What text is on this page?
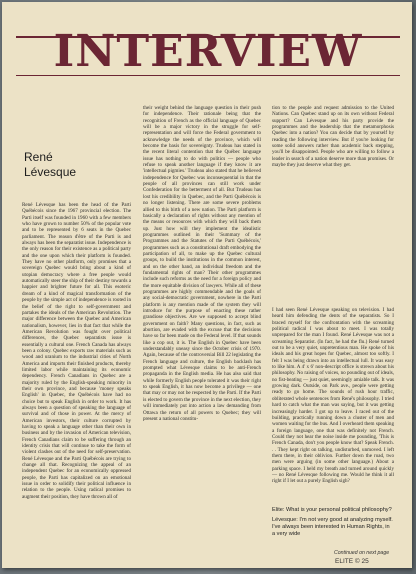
INTERVIEW
René
Lévesque

René Lévesque has been the head of the Parti Québécois since the 1967 provincial election. The Parti itself was founded in 1960 with a few members who have grown to number 50% of the popular vote and to be represented by 6 seats in the Quebec parliament. The reason d'être of the Parti is and always has been the separatist issue. Independence is the only reason for their existence as a political party and the one upon which their platform is founded. They have no other platform, only promises that a sovereign Quebec would bring about a kind of utopian democracy where a free people would automatically steer the ship of their destiny towards a happier and brighter future for all. This esoteric dream of a kind of magical transformation of the people by the simple act of independence is rooted in the belief of the right to self-government and partakes the ideals of the American Revolution. The major difference between the Quebec and American nationalism, however, lies in that fact that while the American Revolution was fought over political differences, the Quebec separatists issue is essentially a cultural one. French Canada has always been a colony. Quebec exports raw materials such as wood and uranium to the industrial cities of North America and imports their finished products, thereby limited labor while maintaining its economic dependency. French Canadians in Quebec are a majority ruled by the English-speaking minority in their own province, and because 'money speaks English' in Quebec, the Québécois have had no choice but to speak English in order to work. It has always been a question of speaking the language of survival and of those in power. At the mercy of American investors, their culture corrupted by having to speak a language other than their own in business and by the invasion of American television, French Canadians claim to be suffering through an identity crisis that will continue to take the form of violent clashes out of the need for self-preservation. René Lévesque and the Parti Québécois are trying to change all that. Recognizing the appeal of an independent Quebec for an economically oppressed people, the Parti has capitalized on an emotional issue in order to solidify their political influence in relation to the people. Using radical promises to augment their position, they have thrown all of

their weight behind the language question in their push for independence. Their rationale being that the recognition of French as the official language of Quebec will be a major victory in the struggle for self-representation and will force the Federal government to acknowledge the needs of the province, which will become the basis for sovereignty. Trudeau has stated in the recent literal contention that the Québec language issue has nothing to do with politics — people who refuse to speak another language if they know it are 'intellectual pigmies.' Trudeau also stated that he believed independence for Quebec was inconsequential in that the people of all provinces can still work under Confederation for the betterment of all. But Trudeau has lost his credibility in Quebec, and the Parti Québécois is no longer listening. There are some severe problems allied to this birth of a new nation. The Parti platform is basically a declaration of rights without any mention of the means or resources with which they will back them up. Just how will they implement the idealistic programmes outlined in their 'Summary of the Programmes and the Statutes of the Parti Québécois,' programmes such as a constitutional draft embodying the participation of all, to make up the Quebec cultural groups, to build the institutions in the common interest, and on the other hand, an individual freedom and the fundamental rights of man? Their other programmes include such reforms as the need for a foreign policy and the more equitable division of lawyers. While all of these programmes are highly commendable and the goals of any social-democratic government, nowhere in the Parti platform is any mention made of the system they will introduce for the purpose of enacting these rather grandiose objectives. Are we supposed to accept blind government on faith? Many questions, in fact, such as abortion, are evaded with the excuse that the decisions have so far been made on the Federal level. If that sounds like a cop out, it is. The English in Quebec have been understandably uneasy since the October crisis of 1970. Again, because of the controversial Bill 22 legislating the French language and culture, the English backlash has prompted what Lévesque claims to be anti-French propaganda in the English media. He has also said that while formerly English people tolerated it was their right to speak English, it has now become a privilege — one that may or may not be respected by the Parti. If the Parti is elected to govern the province in the next election, they will immediately put into action a law demanding from Ottawa the return of all powers to Quebec; they will present a national constitu-

tion to the people and request admission to the United Nations. Can Quebec stand up on its own without Federal support? Can Lévesque and his party provide the programmes and the leadership that the metamorphosis Quebec into a nation? You can decide that by yourself by reading the following interview. But if you're looking for some solid answers rather than academic back stepping, you'll be disappointed. People who are willing to follow a leader in search of a nation deserve more than promises. Or maybe they just deserve what they get.

I had seen René Lévesque speaking on television. I had heard him defending the dents of the separatists. So I braced myself for the confrontation with the screaming political radical I was about to meet. I was totally unprepared for the man I found. René Lévesque was not a screaming Separatist. (In fact, he had the flu.) René turned out to be a very quiet, unpretentious man. He spoke of his ideals and his great hopes for Quebec, almost too softly. I felt I was being drawn into an intellectual lull. It was easy to like him. A 4' x 6' non-descript office is strewn about his philosophy. No raising of voices, no pounding out of ideals, no fist-beating — just quiet, seemingly amiable talk. It was growing dark. Outside, on Park ave., people were getting ready to go home. The sounds of rush hour traffic, obliterated whole sentences from René's philosophy. I tried hard to catch what the man was saying, but it was getting increasingly harder. I got up to leave. I raced out of the building, practically running down a cluster of men and women waiting for the bus. And I overheard them speaking a foreign language, one that was definitely not French. Could they not hear the noise inside me pounding, 'This is French Canada, don't you people know that? Speak French. . . They kept right on talking, undisturbed, unmoved. I left them there, in their oblivion. Further down the road, two men were arguing (in some other language.) About a parking space. I held my breath and turned around quickly — no René Lévesque following me. Would he think it all right if I let out a purely English sigh?

Elite: What is your personal political philosophy?
Lévesque: I'm not very good at analyzing myself. I've always been interested in Human Rights, in a very wide
Continued on next page
ELITE © 25
